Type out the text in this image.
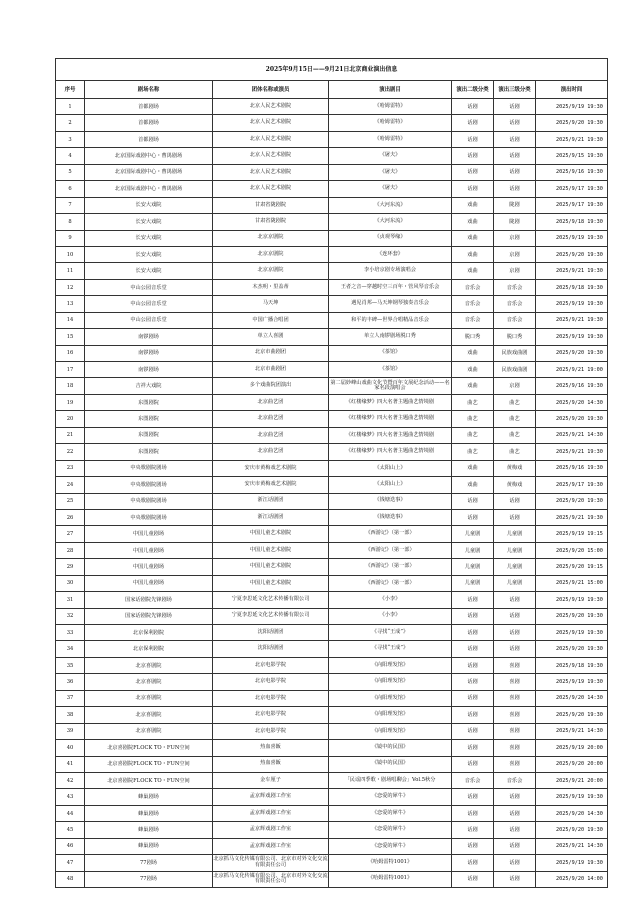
2025年9月15日——9月21日北京商业演出信息						
序号	剧场名称	团体名称或演员	演出剧目	演出二级分类	演出三级分类	演出时间
1	首都剧场	北京人民艺术剧院	《哈姆雷特》	话剧	话剧	2025/9/19 19:30
2	首都剧场	北京人民艺术剧院	《哈姆雷特》	话剧	话剧	2025/9/20 19:30
3	首都剧场	北京人民艺术剧院	《哈姆雷特》	话剧	话剧	2025/9/21 19:30
4	北京国际戏剧中心・曹禺剧场	北京人民艺术剧院	《屠夫》	话剧	话剧	2025/9/15 19:30
5	北京国际戏剧中心・曹禺剧场	北京人民艺术剧院	《屠夫》	话剧	话剧	2025/9/16 19:30
6	北京国际戏剧中心・曹禺剧场	北京人民艺术剧院	《屠夫》	话剧	话剧	2025/9/17 19:30
7	长安大戏院	甘肃省陇剧院	《大河东流》	戏曲	陇剧	2025/9/17 19:30
8	长安大戏院	甘肃省陇剧院	《大河东流》	戏曲	陇剧	2025/9/18 19:30
9	长安大戏院	北京京剧院	《贞观琴缘》	戏曲	京剧	2025/9/19 19:30
10	长安大戏院	北京京剧院	《连环套》	戏曲	京剧	2025/9/20 19:30
11	长安大戏院	北京京剧院	李小培京剧专场演唱会	戏曲	京剧	2025/9/21 19:30
12	中山公园音乐堂	木杰明・里盖蒂	王者之音—穿越时空三百年・管风琴音乐会	音乐会	音乐会	2025/9/18 19:30
13	中山公园音乐堂	马天坤	遇见肖邦—马天坤钢琴独奏音乐会	音乐会	音乐会	2025/9/19 19:30
14	中山公园音乐堂	中国广播合唱团	和平的丰碑—世界合唱精品音乐会	音乐会	音乐会	2025/9/21 19:30
15	南锣剧场	单立人喜剧	单立人南锣剧场脱口秀	脱口秀	脱口秀	2025/9/19 19:30
16	南锣剧场	北京市曲剧团	《茶馆》	戏曲	民族戏曲剧	2025/9/20 19:30
17	南锣剧场	北京市曲剧团	《茶馆》	戏曲	民族戏曲剧	2025/9/21 19:00
18	吉祥大戏院	多个戏曲院团演出	第二届妙峰山戏曲文化节暨百年文展纪念活动——名家名段演唱会	戏曲	京剧	2025/9/16 19:30
19	东图剧院	北京曲艺团	《红楼缘梦》四大名著主题曲艺情境剧	曲艺	曲艺	2025/9/20 14:30
20	东图剧院	北京曲艺团	《红楼缘梦》四大名著主题曲艺情境剧	曲艺	曲艺	2025/9/20 19:30
21	东图剧院	北京曲艺团	《红楼缘梦》四大名著主题曲艺情境剧	曲艺	曲艺	2025/9/21 14:30
22	东图剧院	北京曲艺团	《红楼缘梦》四大名著主题曲艺情境剧	曲艺	曲艺	2025/9/21 19:30
23	中央歌剧院剧场	安庆市黄梅戏艺术剧院	《太阳山上》	戏曲	黄梅戏	2025/9/16 19:30
24	中央歌剧院剧场	安庆市黄梅戏艺术剧院	《太阳山上》	戏曲	黄梅戏	2025/9/17 19:30
25	中央歌剧院剧场	浙江话剧团	《钱塘迭事》	话剧	话剧	2025/9/20 19:30
26	中央歌剧院剧场	浙江话剧团	《钱塘迭事》	话剧	话剧	2025/9/21 19:30
27	中国儿童剧场	中国儿童艺术剧院	《西游记》（第一部）	儿童剧	儿童剧	2025/9/19 19:15
28	中国儿童剧场	中国儿童艺术剧院	《西游记》（第一部）	儿童剧	儿童剧	2025/9/20 15:00
29	中国儿童剧场	中国儿童艺术剧院	《西游记》（第一部）	儿童剧	儿童剧	2025/9/20 19:15
30	中国儿童剧场	中国儿童艺术剧院	《西游记》（第一部）	儿童剧	儿童剧	2025/9/21 15:00
31	国家话剧院先锋剧场	宁夏李思延文化艺术传播有限公司	《小李》	话剧	话剧	2025/9/19 19:30
32	国家话剧院先锋剧场	宁夏李思延文化艺术传播有限公司	《小李》	话剧	话剧	2025/9/20 19:30
33	北京保利剧院	沈阳话剧团	《寻找“王成”》	话剧	话剧	2025/9/19 19:30
34	北京保利剧院	沈阳话剧团	《寻找“王成”》	话剧	话剧	2025/9/20 19:30
35	北京喜剧院	北京电影学院	《向阳理发馆》	话剧	喜剧	2025/9/18 19:30
36	北京喜剧院	北京电影学院	《向阳理发馆》	话剧	喜剧	2025/9/19 19:30
37	北京喜剧院	北京电影学院	《向阳理发馆》	话剧	喜剧	2025/9/20 14:30
38	北京喜剧院	北京电影学院	《向阳理发馆》	话剧	喜剧	2025/9/20 19:30
39	北京喜剧院	北京电影学院	《向阳理发馆》	话剧	喜剧	2025/9/21 14:30
40	北京喜剧院FLOCK TO・FUN空间	热血喜飯	《镜中的民国》	话剧	喜剧	2025/9/19 20:00
41	北京喜剧院FLOCK TO・FUN空间	热血喜飯	《镜中的民国》	话剧	喜剧	2025/9/20 20:00
42	北京喜剧院FLOCK TO・FUN空间	金车厘子	「民谣四季歌・剧场唱聊会」Vol.5秋分	音乐会	音乐会	2025/9/21 20:00
43	蜂巢剧场	孟京辉戏剧工作室	《恋爱的犀牛》	话剧	话剧	2025/9/19 19:30
44	蜂巢剧场	孟京辉戏剧工作室	《恋爱的犀牛》	话剧	话剧	2025/9/20 14:30
45	蜂巢剧场	孟京辉戏剧工作室	《恋爱的犀牛》	话剧	话剧	2025/9/20 19:30
46	蜂巢剧场	孟京辉戏剧工作室	《恋爱的犀牛》	话剧	话剧	2025/9/21 14:30
47	77剧场	北京抓马文化传媒有限公司、北京市对外文化交流有限责任公司	《哈姆雷特1001》	话剧	话剧	2025/9/19 19:30
48	77剧场	北京抓马文化传媒有限公司、北京市对外文化交流有限责任公司	《哈姆雷特1001》	话剧	话剧	2025/9/20 14:00
